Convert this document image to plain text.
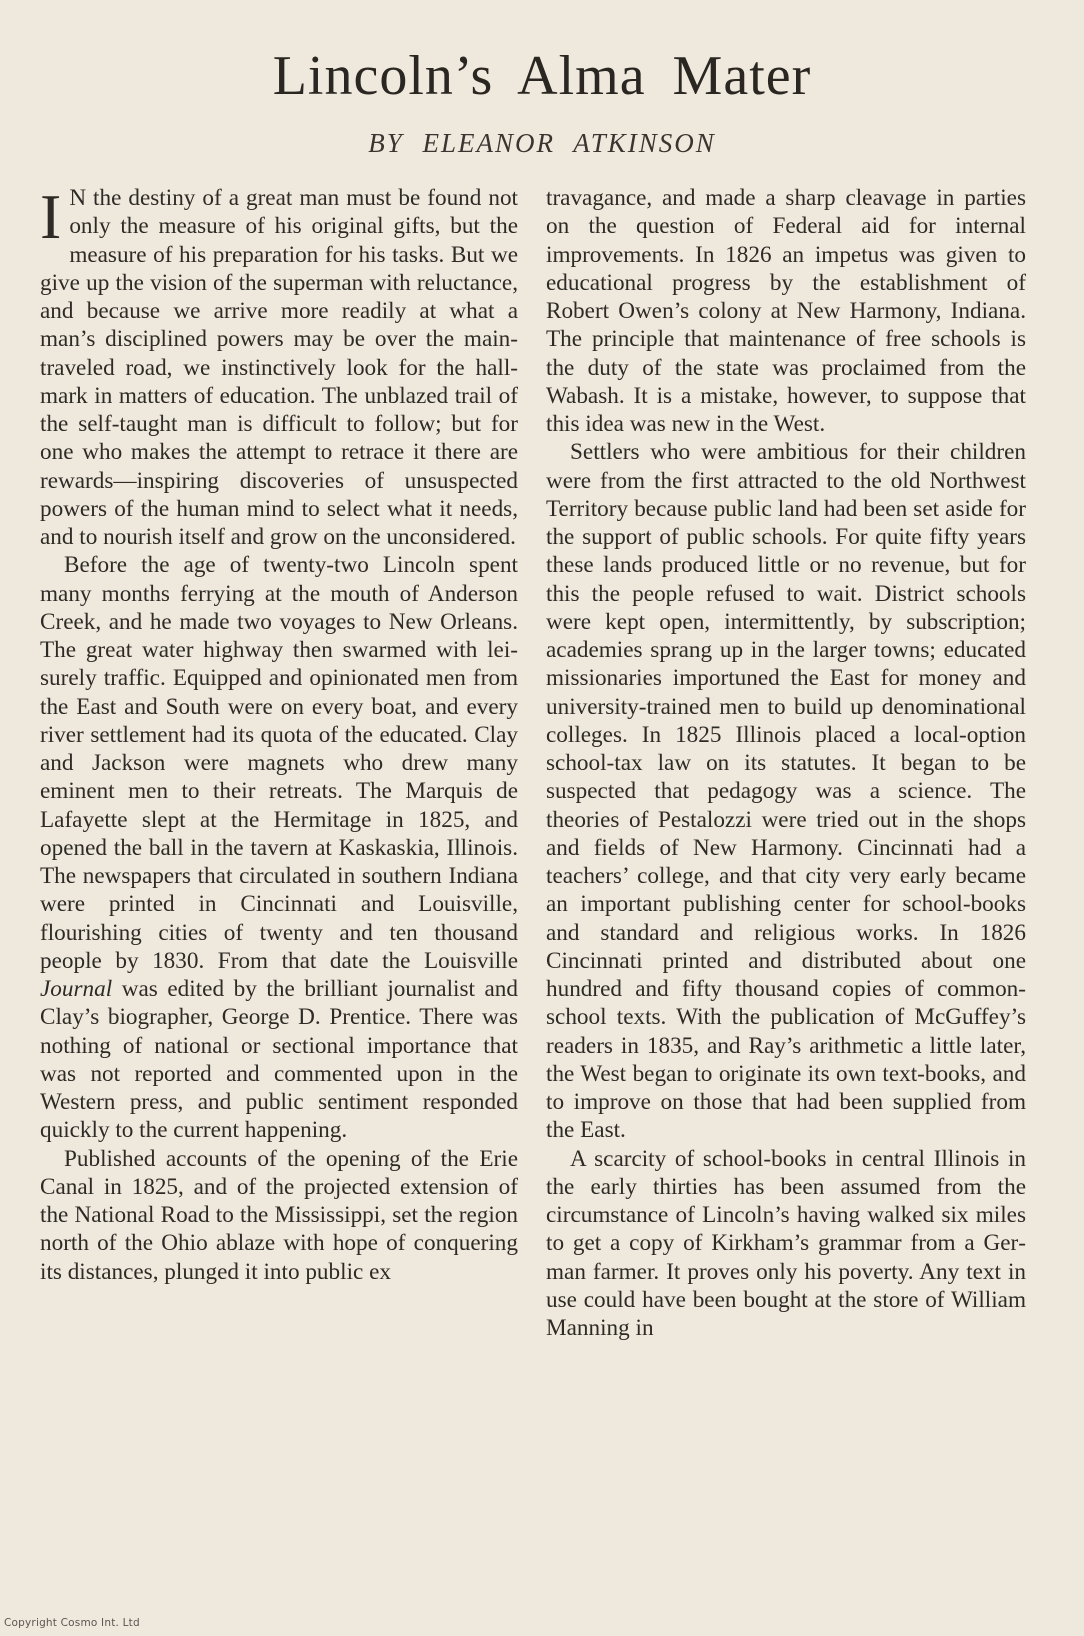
Lincoln’s Alma Mater
BY ELEANOR ATKINSON

I N the destiny of a great man must be found not only the measure of his original gifts, but the measure of his preparation for his tasks. But we give up the vision of the superman with reluctance, and because we arrive more readily at what a man’s disciplined powers may be over the main-traveled road, we instinctively look for the hall-mark in matters of education. The unblazed trail of the self-taught man is difficult to follow; but for one who makes the attempt to retrace it there are rewards—inspiring discoveries of unsuspected powers of the human mind to select what it needs, and to nourish itself and grow on the unconsidered.

Before the age of twenty-two Lincoln spent many months ferrying at the mouth of Anderson Creek, and he made two voyages to New Orleans. The great water highway then swarmed with leisurely traffic. Equipped and opinionated men from the East and South were on every boat, and every river settlement had its quota of the educated. Clay and Jackson were magnets who drew many eminent men to their retreats. The Marquis de Lafayette slept at the Hermitage in 1825, and opened the ball in the tavern at Kaskaskia, Illinois. The newspapers that circulated in southern Indiana were printed in Cincinnati and Louisville, flourishing cities of twenty and ten thousand people by 1830. From that date the Louisville Journal was edited by the brilliant journalist and Clay’s biographer, George D. Prentice. There was nothing of national or sectional importance that was not reported and commented upon in the Western press, and public sentiment responded quickly to the current happening.

Published accounts of the opening of the Erie Canal in 1825, and of the projected extension of the National Road to the Mississippi, set the region north of the Ohio ablaze with hope of conquering its distances, plunged it into public ex

travagance, and made a sharp cleavage in parties on the question of Federal aid for internal improvements. In 1826 an impetus was given to educational progress by the establishment of Robert Owen’s colony at New Harmony, Indiana. The principle that maintenance of free schools is the duty of the state was proclaimed from the Wabash. It is a mistake, however, to suppose that this idea was new in the West.

Settlers who were ambitious for their children were from the first attracted to the old Northwest Territory because public land had been set aside for the support of public schools. For quite fifty years these lands produced little or no revenue, but for this the people refused to wait. District schools were kept open, intermittently, by subscription; academies sprang up in the larger towns; educated missionaries importuned the East for money and university-trained men to build up denominational colleges. In 1825 Illinois placed a local-option school-tax law on its statutes. It began to be suspected that pedagogy was a science. The theories of Pestalozzi were tried out in the shops and fields of New Harmony. Cincinnati had a teachers’ college, and that city very early became an important publishing center for school-books and standard and religious works. In 1826 Cincinnati printed and distributed about one hundred and fifty thousand copies of common-school texts. With the publication of McGuffey’s readers in 1835, and Ray’s arithmetic a little later, the West began to originate its own text-books, and to improve on those that had been supplied from the East.

A scarcity of school-books in central Illinois in the early thirties has been assumed from the circumstance of Lincoln’s having walked six miles to get a copy of Kirkham’s grammar from a German farmer. It proves only his poverty. Any text in use could have been bought at the store of William Manning in

Copyright Cosmo Int. Ltd
